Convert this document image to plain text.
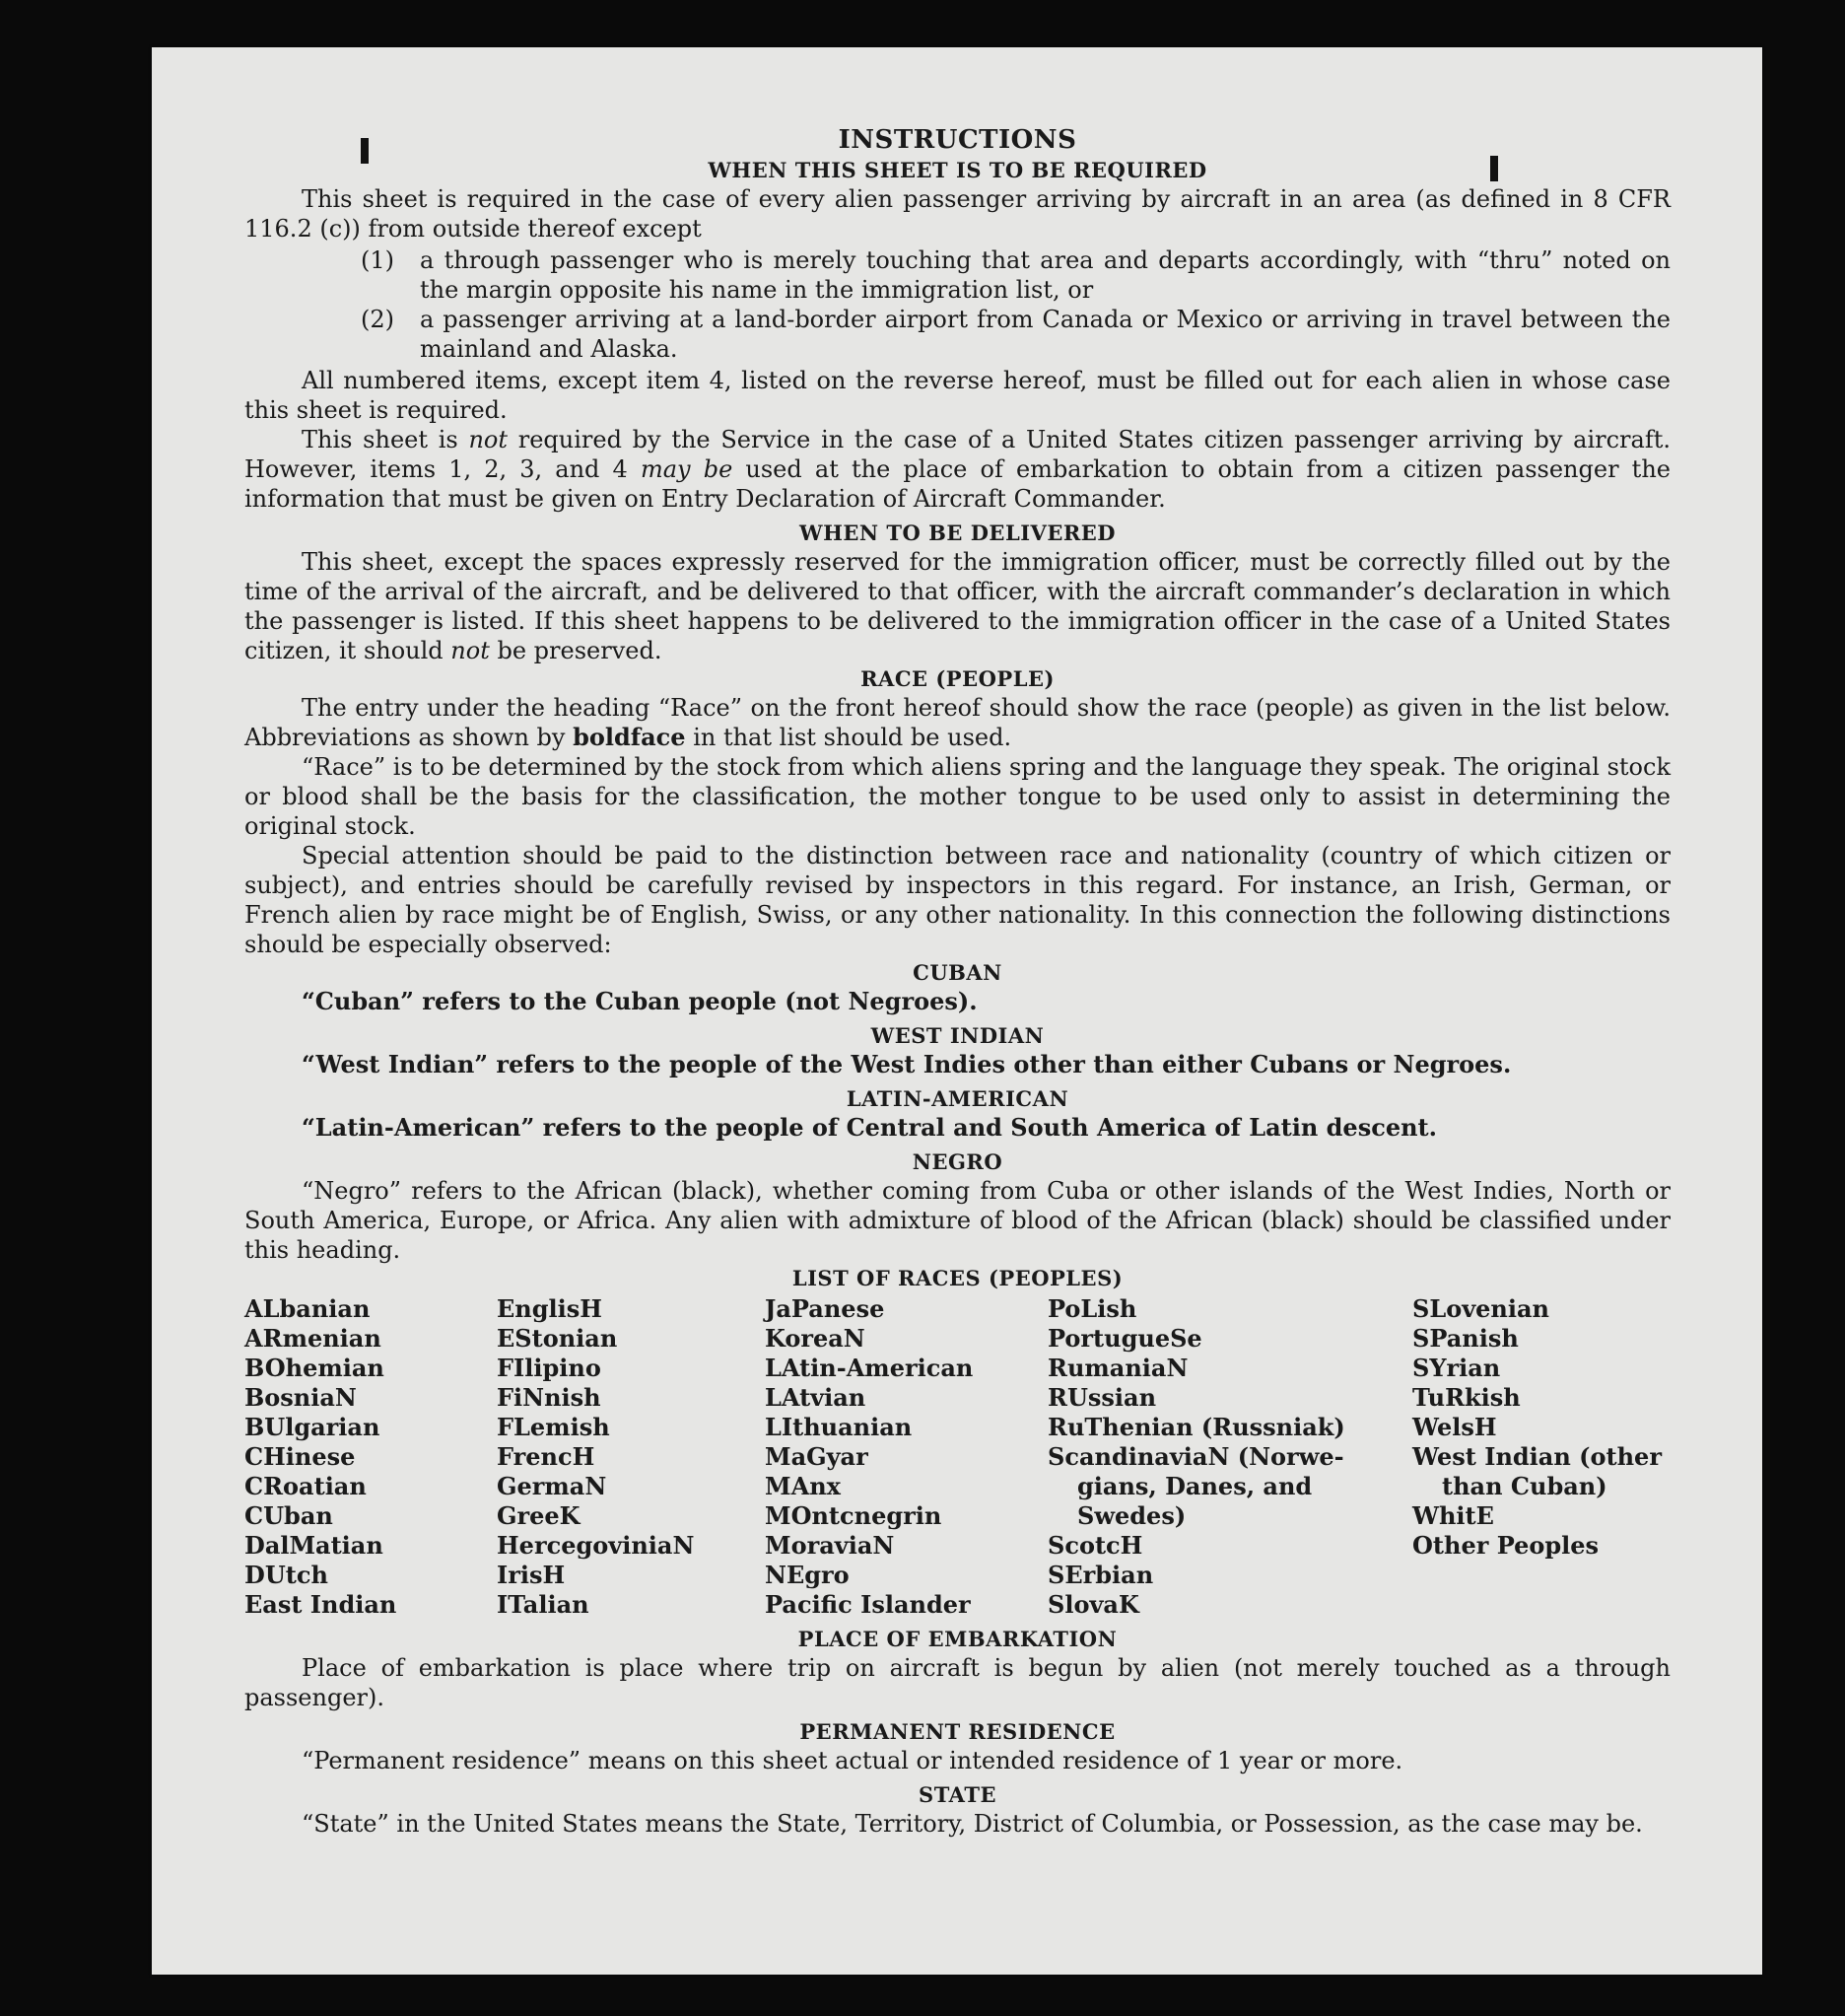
INSTRUCTIONS
WHEN THIS SHEET IS TO BE REQUIRED

This sheet is required in the case of every alien passenger arriving by aircraft in an area (as defined in 8 CFR 116.2 (c)) from outside thereof except

(1)	a through passenger who is merely touching that area and departs accordingly, with “thru” noted on the margin opposite his name in the immigration list, or
(2)	a passenger arriving at a land-border airport from Canada or Mexico or arriving in travel between the mainland and Alaska.

All numbered items, except item 4, listed on the reverse hereof, must be filled out for each alien in whose case this sheet is required.

This sheet is not required by the Service in the case of a United States citizen passenger arriving by aircraft. However, items 1, 2, 3, and 4 may be used at the place of embarkation to obtain from a citizen passenger the information that must be given on Entry Declaration of Aircraft Commander.

WHEN TO BE DELIVERED

This sheet, except the spaces expressly reserved for the immigration officer, must be correctly filled out by the time of the arrival of the aircraft, and be delivered to that officer, with the aircraft commander’s declaration in which the passenger is listed. If this sheet happens to be delivered to the immigration officer in the case of a United States citizen, it should not be preserved.

RACE (PEOPLE)

The entry under the heading “Race” on the front hereof should show the race (people) as given in the list below. Abbreviations as shown by boldface in that list should be used.

“Race” is to be determined by the stock from which aliens spring and the language they speak. The original stock or blood shall be the basis for the classification, the mother tongue to be used only to assist in determining the original stock.

Special attention should be paid to the distinction between race and nationality (country of which citizen or subject), and entries should be carefully revised by inspectors in this regard. For instance, an Irish, German, or French alien by race might be of English, Swiss, or any other nationality. In this connection the following distinctions should be especially observed:

CUBAN

“Cuban” refers to the Cuban people (not Negroes).

WEST INDIAN

“West Indian” refers to the people of the West Indies other than either Cubans or Negroes.

LATIN-AMERICAN

“Latin-American” refers to the people of Central and South America of Latin descent.

NEGRO

“Negro” refers to the African (black), whether coming from Cuba or other islands of the West Indies, North or South America, Europe, or Africa. Any alien with admixture of blood of the African (black) should be classified under this heading.

LIST OF RACES (PEOPLES)
ALbanian
ARmenian
BOhemian
BosniaN
BUlgarian
CHinese
CRoatian
CUban
DalMatian
DUtch
East Indian
EnglisH
EStonian
FIlipino
FiNnish
FLemish
FrencH
GermaN
GreeK
HercegoviniaN
IrisH
ITalian
JaPanese
KoreaN
LAtin-American
LAtvian
LIthuanian
MaGyar
MAnx
MOntcnegrin
MoraviaN
NEgro
Pacific Islander
PoLish
PortugueSe
RumaniaN
RUssian
RuThenian (Russniak)
ScandinaviaN (Norwe-
gians, Danes, and
Swedes)
ScotcH
SErbian
SlovaK
SLovenian
SPanish
SYrian
TuRkish
WelsH
West Indian (other
than Cuban)
WhitE
Other Peoples
PLACE OF EMBARKATION

Place of embarkation is place where trip on aircraft is begun by alien (not merely touched as a through passenger).

PERMANENT RESIDENCE

“Permanent residence” means on this sheet actual or intended residence of 1 year or more.

STATE

“State” in the United States means the State, Territory, District of Columbia, or Possession, as the case may be.
